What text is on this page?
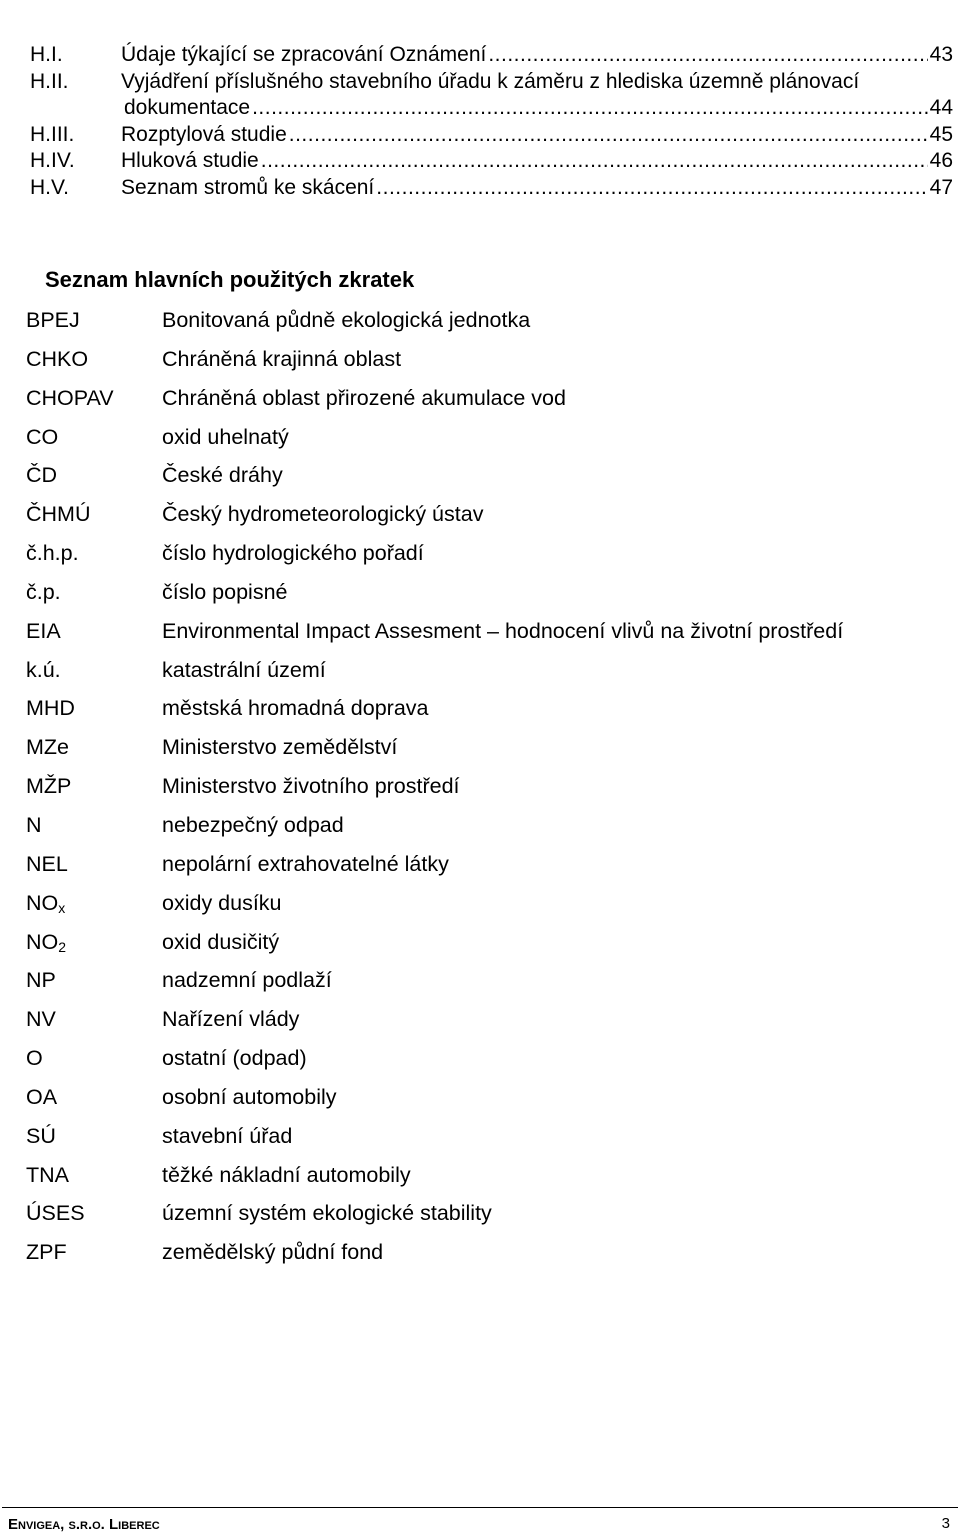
H.I.	Údaje týkající se zpracování Oznámení .....	43
H.II.	Vyjádření příslušného stavebního úřadu k záměru z hlediska územně plánovací
dokumentace .....	44
H.III.	Rozptylová studie .....	45
H.IV.	Hluková studie .....	46
H.V.	Seznam stromů ke skácení .....	47
Seznam hlavních použitých zkratek
BPEJ	Bonitovaná půdně ekologická jednotka
CHKO	Chráněná krajinná oblast
CHOPAV Chráněná oblast přirozené akumulace vod
CO	oxid uhelnatý
ČD	České dráhy
ČHMÚ	Český hydrometeorologický ústav
č.h.p.	číslo hydrologického pořadí
č.p.	číslo popisné
EIA	Environmental Impact Assesment – hodnocení vlivů na životní prostředí
k.ú.	katastrální území
MHD	městská hromadná doprava
MZe	Ministerstvo zemědělství
MŽP	Ministerstvo životního prostředí
N	nebezpečný odpad
NEL	nepolární extrahovatelné látky
$NO_x$	oxidy dusíku
$NO_2$	oxid dusičitý
NP	nadzemní podlaží
NV	Nařízení vlády
O	ostatní (odpad)
OA	osobní automobily
SÚ	stavební úřad
TNA	těžké nákladní automobily
ÚSES	územní systém ekologické stability
ZPF	zemědělský půdní fond
Envigea, s.r.o. Liberec	3
